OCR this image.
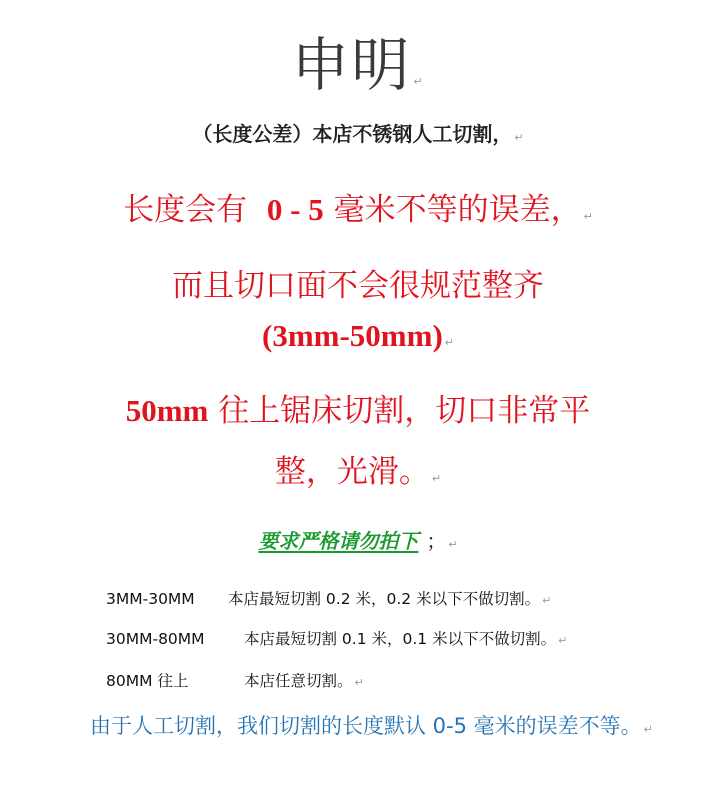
申明 ↵
（长度公差）本店不锈钢人工切割， ↵
长度会有  0 - 5 毫米不等的误差， ↵
而且切口面不会很规范整齐
(3mm-50mm) ↵
50mm 往上锯床切割，切口非常平
整，光滑。 ↵
要求严格请勿拍下 ； ↵
3MM-30MM 本店最短切割 0.2 米，0.2 米以下不做切割。 ↵
30MM-80MM	本店最短切割 0.1 米，0.1 米以下不做切割。 ↵
80MM 往上	本店任意切割。 ↵
由于人工切割，我们切割的长度默认 0-5 毫米的误差不等。 ↵
